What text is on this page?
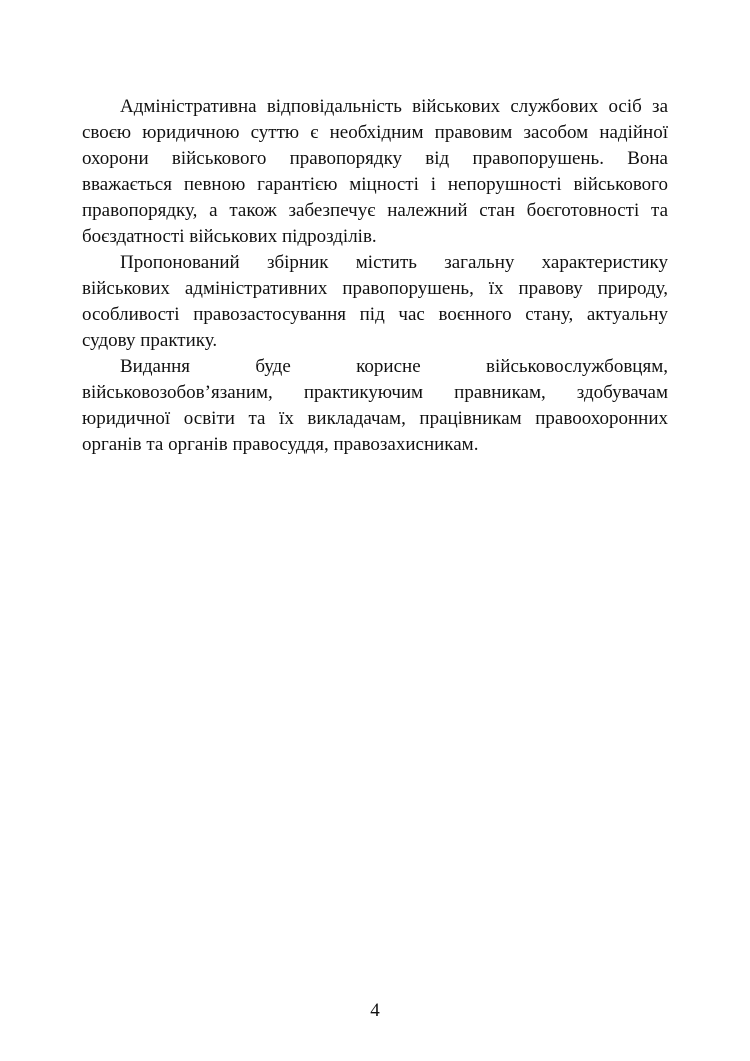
Адміністративна відповідальність військових службових осіб за своєю юридичною суттю є необхідним правовим засобом надійної охорони військового правопорядку від правопорушень. Вона вважається певною гарантією міцності і непорушності військового правопорядку, а також забезпечує належний стан боєготовності та боєздатності військових підрозділів.

Пропонований збірник містить загальну характеристику військових адміністративних правопорушень, їх правову природу, особливості правозастосування під час воєнного стану, актуальну судову практику.

Видання буде корисне військовослужбовцям, військовозобов’язаним, практикуючим правникам, здобувачам юридичної освіти та їх викладачам, працівникам правоохоронних органів та органів правосуддя, правозахисникам.

4
